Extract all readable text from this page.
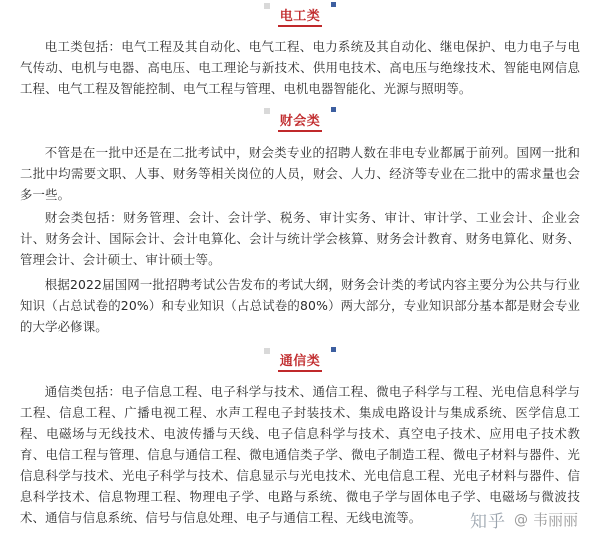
电工类

电工类包括：电气工程及其自动化、电气工程、电力系统及其自动化、继电保护、电力电子与电气传动、电机与电器、高电压、电工理论与新技术、供用电技术、高电压与绝缘技术、智能电网信息工程、电气工程及智能控制、电气工程与管理、电机电器智能化、光源与照明等。

财会类

不管是在一批中还是在二批考试中，财会类专业的招聘人数在非电专业都属于前列。国网一批和二批中均需要文职、人事、财务等相关岗位的人员，财会、人力、经济等专业在二批中的需求量也会多一些。

财会类包括：财务管理、会计、会计学、税务、审计实务、审计、审计学、工业会计、企业会计、财务会计、国际会计、会计电算化、会计与统计学会核算、财务会计教育、财务电算化、财务、管理会计、会计硕士、审计硕士等。

根据2022届国网一批招聘考试公告发布的考试大纲，财务会计类的考试内容主要分为公共与行业知识（占总试卷的20%）和专业知识（占总试卷的80%）两大部分，专业知识部分基本都是财会专业的大学必修课。

通信类

通信类包括：电子信息工程、电子科学与技术、通信工程、微电子科学与工程、光电信息科学与工程、信息工程、广播电视工程、水声工程电子封装技术、集成电路设计与集成系统、医学信息工程、电磁场与无线技术、电波传播与天线、电子信息科学与技术、真空电子技术、应用电子技术教育、电信工程与管理、信息与通信工程、微电通信类子学、微电子制造工程、微电子材料与器件、光信息科学与技术、光电子科学与技术、信息显示与光电技术、光电信息工程、光电子材料与器件、信息科学技术、信息物理工程、物理电子学、电路与系统、微电子学与固体电子学、电磁场与微波技术、通信与信息系统、信号与信息处理、电子与通信工程、无线电流等。	知乎 @ 韦丽丽
